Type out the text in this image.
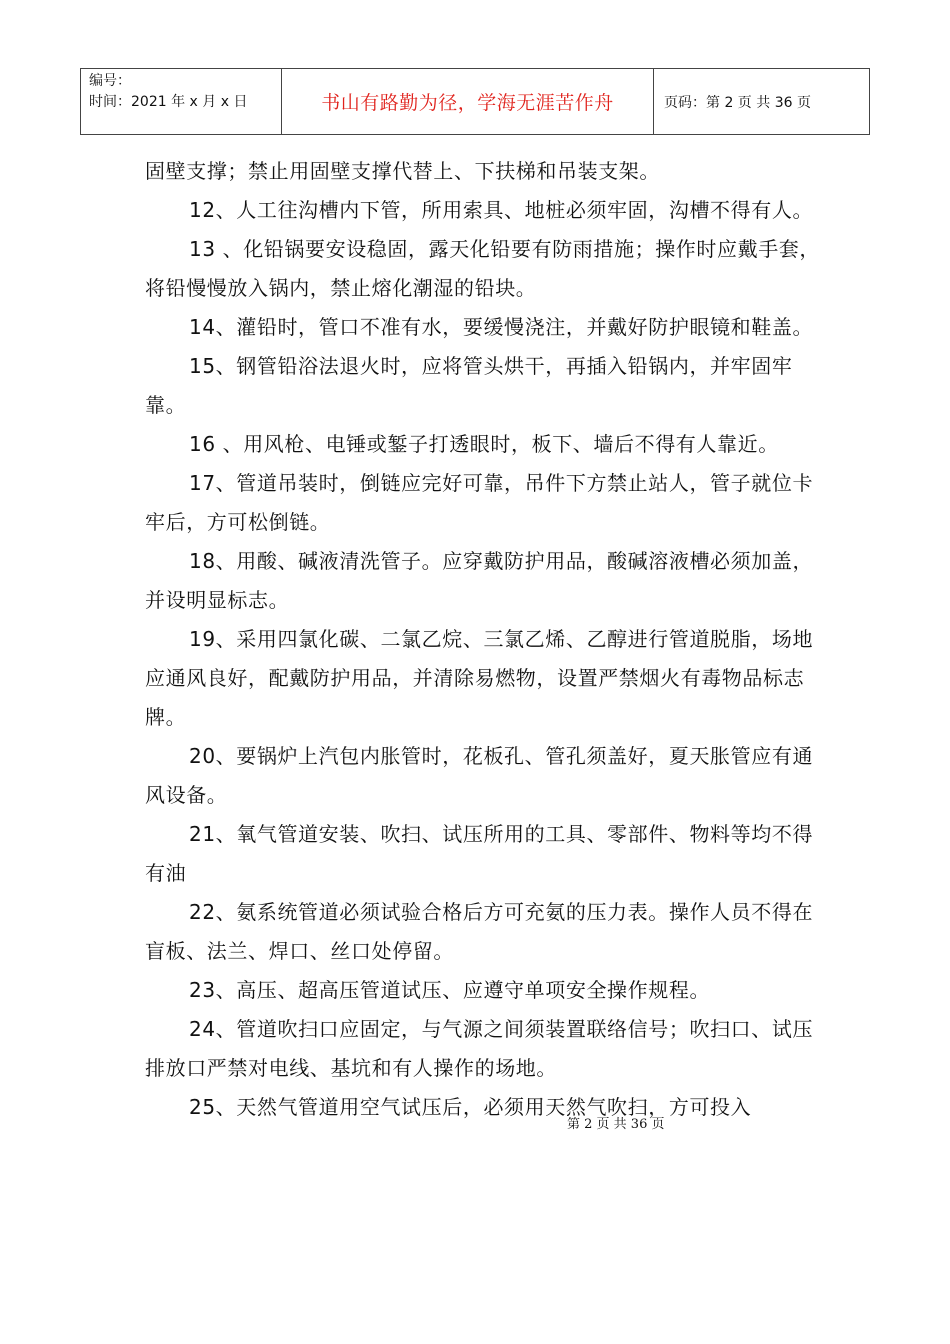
编号：
时间：2021 年 x 月 x 日	书山有路勤为径，学海无涯苦作舟	页码：第 2 页 共 36 页

固壁支撑；禁止用固壁支撑代替上、下扶梯和吊装支架。

12、人工往沟槽内下管，所用索具、地桩必须牢固，沟槽不得有人。

13 、化铅锅要安设稳固，露天化铅要有防雨措施；操作时应戴手套，将铅慢慢放入锅内，禁止熔化潮湿的铅块。

14、灌铅时，管口不准有水，要缓慢浇注，并戴好防护眼镜和鞋盖。

15、钢管铅浴法退火时，应将管头烘干，再插入铅锅内，并牢固牢靠。

16 、用风枪、电锤或錾子打透眼时，板下、墙后不得有人靠近。

17、管道吊装时，倒链应完好可靠，吊件下方禁止站人，管子就位卡牢后，方可松倒链。

18、用酸、碱液清洗管子。应穿戴防护用品，酸碱溶液槽必须加盖，并设明显标志。

19、采用四氯化碳、二氯乙烷、三氯乙烯、乙醇进行管道脱脂，场地应通风良好，配戴防护用品，并清除易燃物，设置严禁烟火有毒物品标志牌。

20、要锅炉上汽包内胀管时，花板孔、管孔须盖好，夏天胀管应有通风设备。

21、氧气管道安装、吹扫、试压所用的工具、零部件、物料等均不得有油

22、氨系统管道必须试验合格后方可充氨的压力表。操作人员不得在盲板、法兰、焊口、丝口处停留。

23、高压、超高压管道试压、应遵守单项安全操作规程。

24、管道吹扫口应固定，与气源之间须装置联络信号；吹扫口、试压排放口严禁对电线、基坑和有人操作的场地。

25、天然气管道用空气试压后，必须用天然气吹扫，方可投入

第 2 页 共 36 页
